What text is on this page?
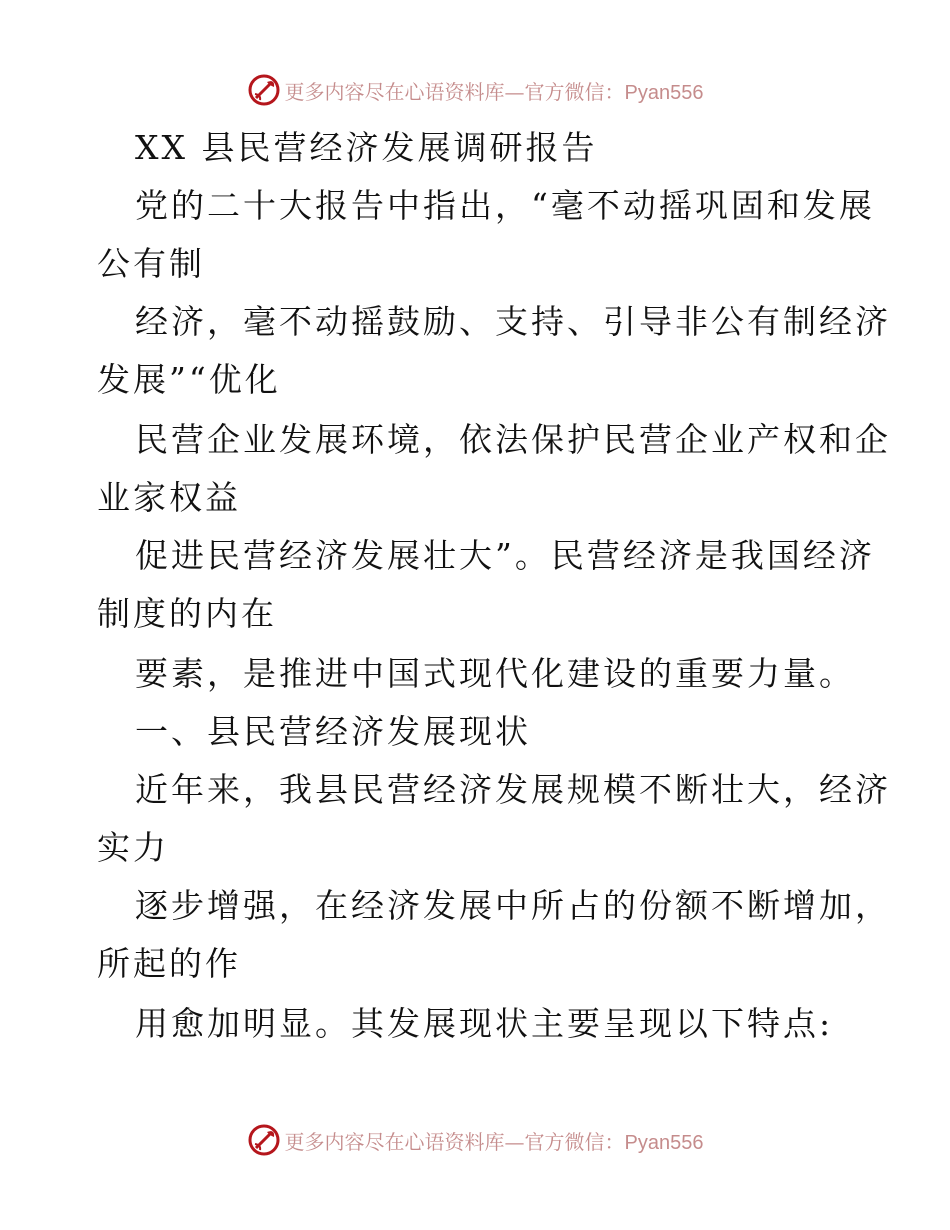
更多内容尽在心语资料库—官方微信：Pyan556
XX 县民营经济发展调研报告
党的二十大报告中指出，“毫不动摇巩固和发展
公有制
经济，毫不动摇鼓励、支持、引导非公有制经济
发展”“优化
民营企业发展环境，依法保护民营企业产权和企
业家权益
促进民营经济发展壮大”。民营经济是我国经济
制度的内在
要素，是推进中国式现代化建设的重要力量。
一、县民营经济发展现状
近年来，我县民营经济发展规模不断壮大，经济
实力
逐步增强，在经济发展中所占的份额不断增加，
所起的作
用愈加明显。其发展现状主要呈现以下特点:
更多内容尽在心语资料库—官方微信：Pyan556
